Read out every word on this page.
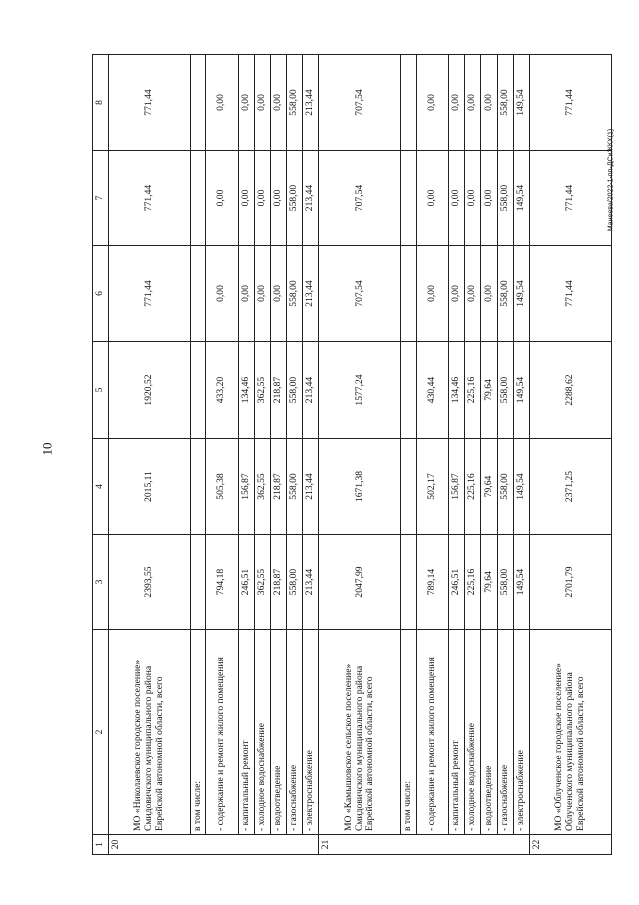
10
Манеева/2022-1-пп-ДСиЖКХ(1)
1	2	3	4	5	6	7	8
20	МО «Николаевское городское поселение» Смидовичского муниципального района Еврейской автономной области, всего	2393,55	2015,11	1920,52	771,44	771,44	771,44
	в том числе:						
	- содержание и ремонт жилого помещения	794,18	505,38	433,20	0,00	0,00	0,00
	- капитальный ремонт	246,51	156,87	134,46	0,00	0,00	0,00
	- холодное водоснабжение	362,55	362,55	362,55	0,00	0,00	0,00
	- водоотведение	218,87	218,87	218,87	0,00	0,00	0,00
	- газоснабжение	558,00	558,00	558,00	558,00	558,00	558,00
	- электроснабжение	213,44	213,44	213,44	213,44	213,44	213,44
21	МО «Камышовское сельское поселение» Смидовичского муниципального района Еврейской автономной области, всего	2047,99	1671,38	1577,24	707,54	707,54	707,54
	в том числе:						
	- содержание и ремонт жилого помещения	789,14	502,17	430,44	0,00	0,00	0,00
	- капитальный ремонт	246,51	156,87	134,46	0,00	0,00	0,00
	- холодное водоснабжение	225,16	225,16	225,16	0,00	0,00	0,00
	- водоотведение	79,64	79,64	79,64	0,00	0,00	0,00
	- газоснабжение	558,00	558,00	558,00	558,00	558,00	558,00
	- электроснабжение	149,54	149,54	149,54	149,54	149,54	149,54
22	МО «Облученское городское поселение» Облученского муниципального района Еврейской автономной области, всего	2701,79	2371,25	2288,62	771,44	771,44	771,44
